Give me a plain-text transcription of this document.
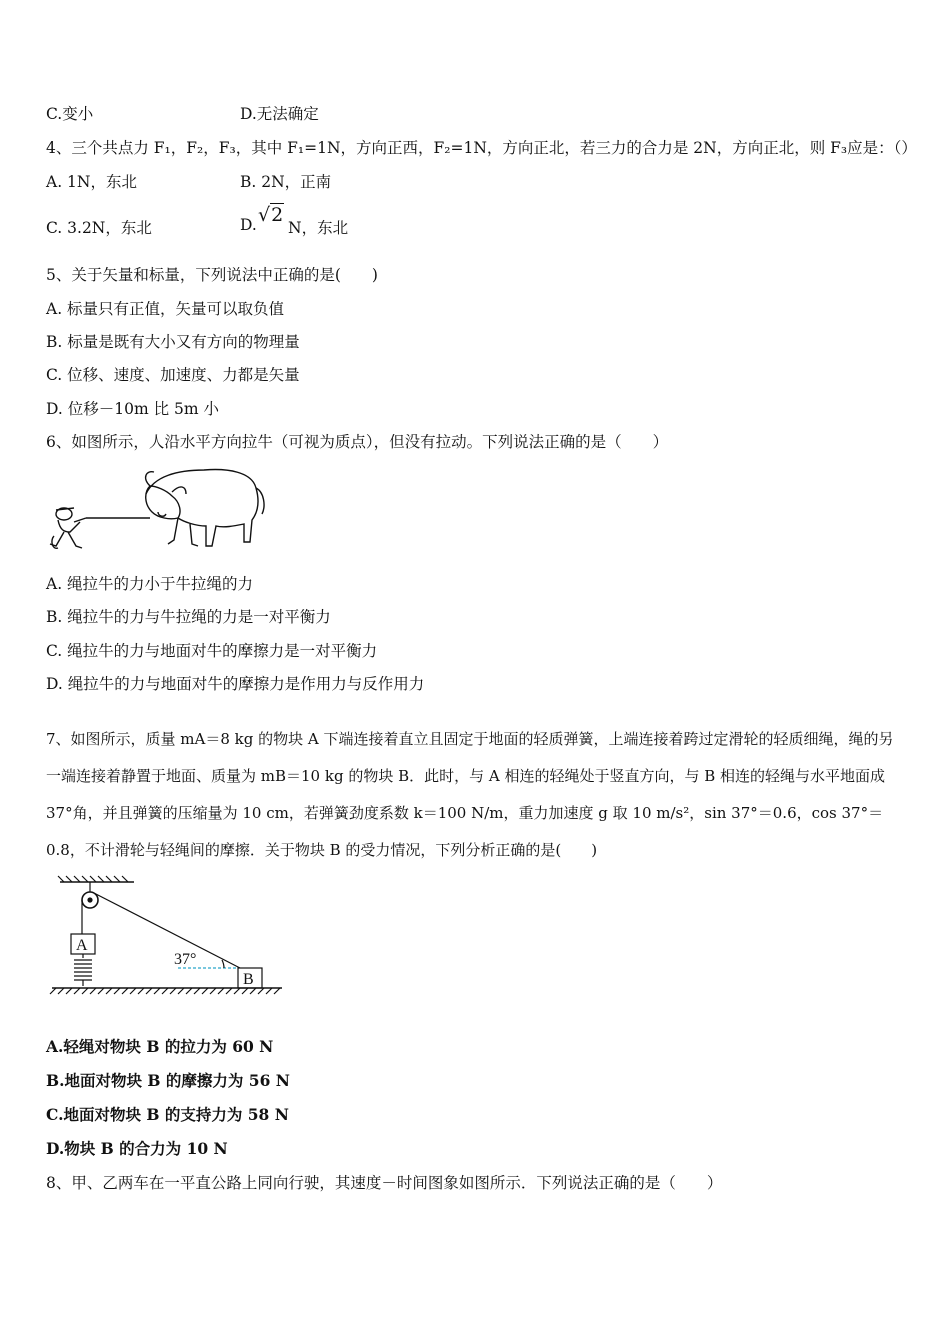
C.变小	D.无法确定
4、三个共点力 F₁，F₂，F₃，其中 F₁=1N，方向正西，F₂=1N，方向正北，若三力的合力是 2N，方向正北，则 F₃应是：（）
A. 1N，东北	B. 2N，正南
C. 3.2N，东北	D. √2
N，东北
5、关于矢量和标量，下列说法中正确的是(　　)
A. 标量只有正值，矢量可以取负值
B. 标量是既有大小又有方向的物理量
C. 位移、速度、加速度、力都是矢量
D. 位移－10m 比 5m 小
6、如图所示，人沿水平方向拉牛（可视为质点），但没有拉动。下列说法正确的是（　　）
A. 绳拉牛的力小于牛拉绳的力
B. 绳拉牛的力与牛拉绳的力是一对平衡力
C. 绳拉牛的力与地面对牛的摩擦力是一对平衡力
D. 绳拉牛的力与地面对牛的摩擦力是作用力与反作用力
7、如图所示，质量 mA＝8 kg 的物块 A 下端连接着直立且固定于地面的轻质弹簧，上端连接着跨过定滑轮的轻质细绳，绳的另一端连接着静置于地面、质量为 mB＝10 kg 的物块 B．此时，与 A 相连的轻绳处于竖直方向，与 B 相连的轻绳与水平地面成 37°角，并且弹簧的压缩量为 10 cm，若弹簧劲度系数 k＝100 N/m，重力加速度 g 取 10 m/s²，sin 37°＝0.6，cos 37°＝0.8，不计滑轮与轻绳间的摩擦．关于物块 B 的受力情况，下列分析正确的是(　　)
A
B
37°
A.轻绳对物块 B 的拉力为 60 N
B.地面对物块 B 的摩擦力为 56 N
C.地面对物块 B 的支持力为 58 N
D.物块 B 的合力为 10 N
8、甲、乙两车在一平直公路上同向行驶，其速度－时间图象如图所示．下列说法正确的是（　　）
